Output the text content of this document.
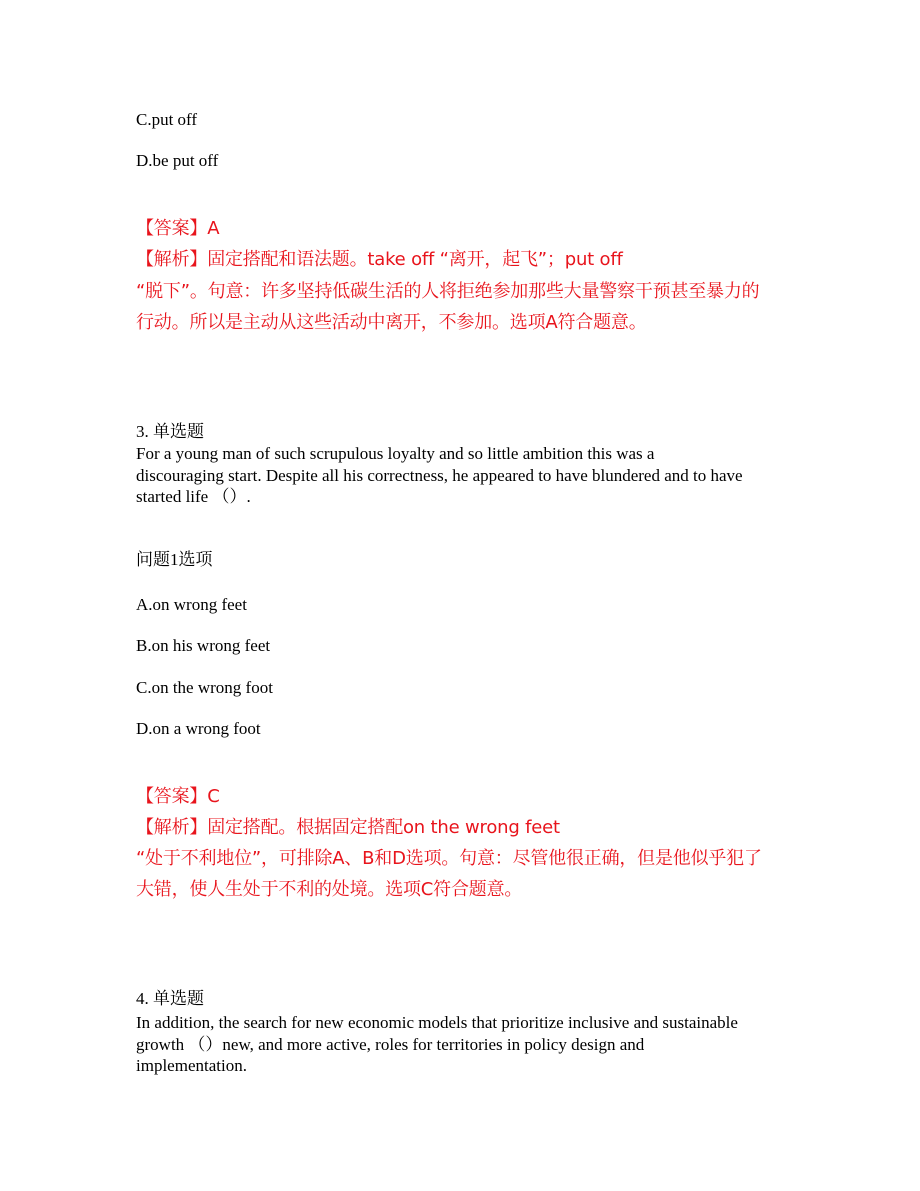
C.put off
D.be put off
【答案】A
【解析】固定搭配和语法题。take off “离开，起飞”；put off
“脱下”。句意：许多坚持低碳生活的人将拒绝参加那些大量警察干预甚至暴力的
行动。所以是主动从这些活动中离开，不参加。选项A符合题意。
3. 单选题
For a young man of such scrupulous loyalty and so little ambition this was a
discouraging start. Despite all his correctness, he appeared to have blundered and to have
started life （）.
问题1选项
A.on wrong feet
B.on his wrong feet
C.on the wrong foot
D.on a wrong foot
【答案】C
【解析】固定搭配。根据固定搭配on the wrong feet
“处于不利地位”，可排除A、B和D选项。句意：尽管他很正确，但是他似乎犯了
大错，使人生处于不利的处境。选项C符合题意。
4. 单选题
In addition, the search for new economic models that prioritize inclusive and sustainable
growth （）new, and more active, roles for territories in policy design and
implementation.
